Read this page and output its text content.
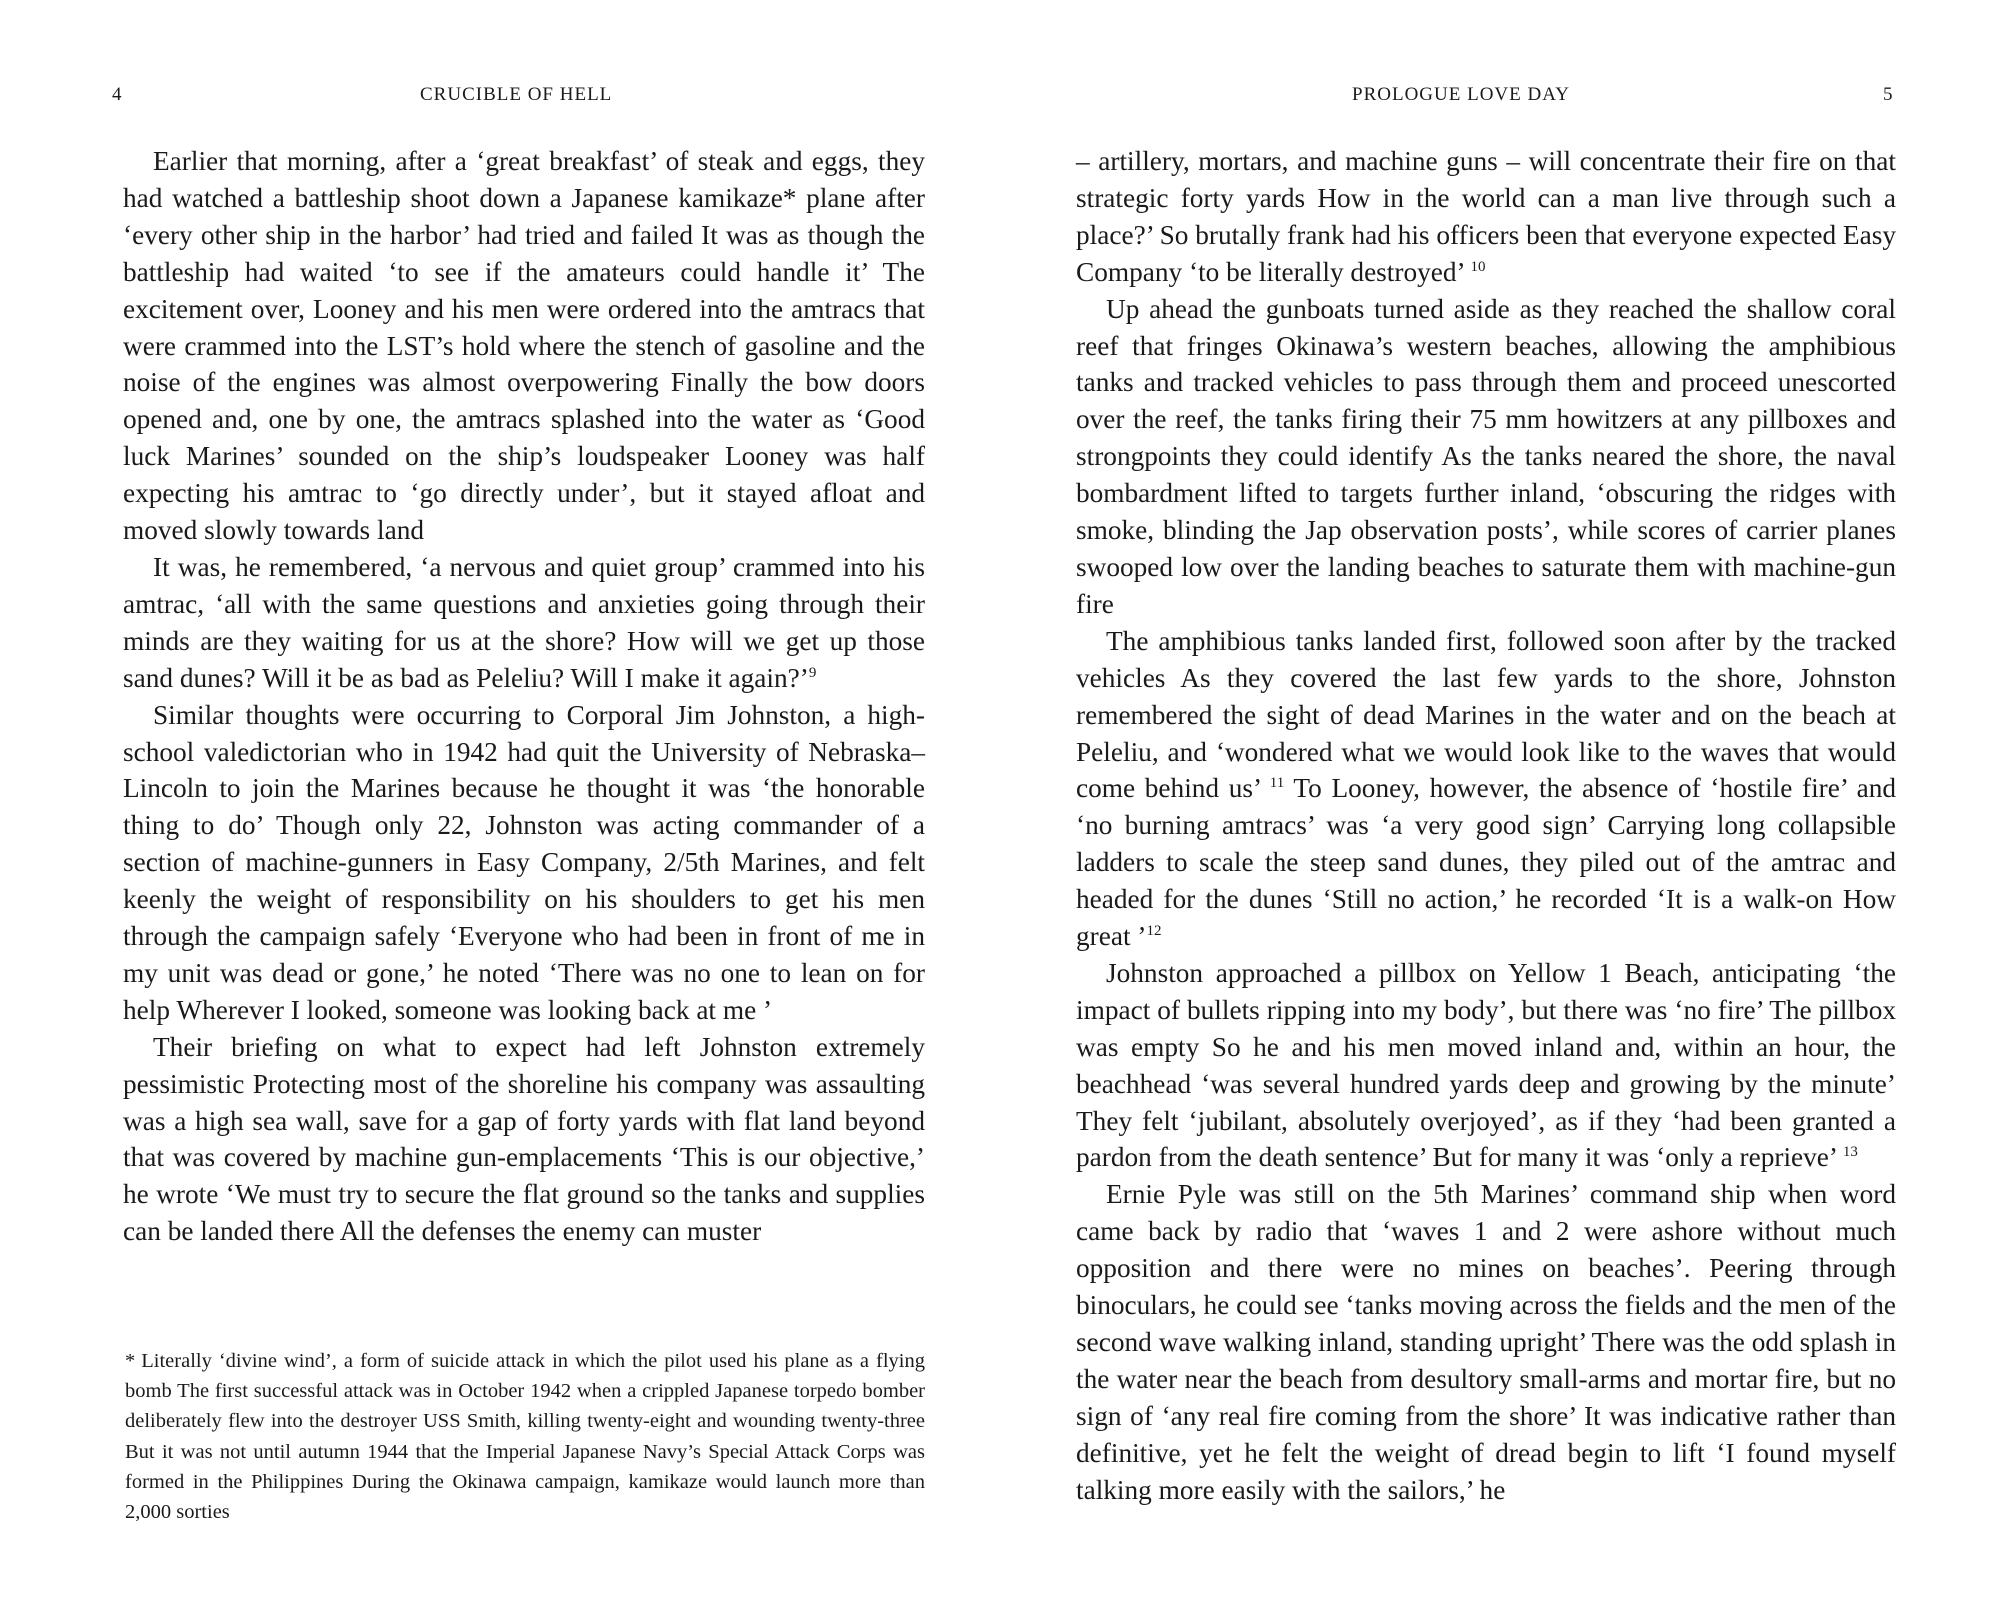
4	CRUCIBLE OF HELL

Earlier that morning, after a ‘great breakfast’ of steak and eggs, they had watched a battleship shoot down a Japanese kamikaze* plane after ‘every other ship in the harbor’ had tried and failed It was as though the battleship had waited ‘to see if the amateurs could handle it’ The excitement over, Looney and his men were ordered into the amtracs that were crammed into the LST’s hold where the stench of gasoline and the noise of the engines was almost overpowering Finally the bow doors opened and, one by one, the amtracs splashed into the water as ‘Good luck Marines’ sounded on the ship’s loudspeaker Looney was half expecting his amtrac to ‘go directly under’, but it stayed afloat and moved slowly towards land

It was, he remembered, ‘a nervous and quiet group’ crammed into his amtrac, ‘all with the same questions and anxieties going through their minds are they waiting for us at the shore? How will we get up those sand dunes? Will it be as bad as Peleliu? Will I make it again?’$^9$

Similar thoughts were occurring to Corporal Jim Johnston, a high-school valedictorian who in 1942 had quit the University of Nebraska–Lincoln to join the Marines because he thought it was ‘the honorable thing to do’ Though only 22, Johnston was acting commander of a section of machine-gunners in Easy Company, 2/5th Marines, and felt keenly the weight of responsibility on his shoulders to get his men through the campaign safely ‘Everyone who had been in front of me in my unit was dead or gone,’ he noted ‘There was no one to lean on for help Wherever I looked, someone was looking back at me ’

Their briefing on what to expect had left Johnston extremely pessimistic Protecting most of the shoreline his company was assaulting was a high sea wall, save for a gap of forty yards with flat land beyond that was covered by machine gun-emplacements ‘This is our objective,’ he wrote ‘We must try to secure the flat ground so the tanks and supplies can be landed there All the defenses the enemy can muster

* Literally ‘divine wind’, a form of suicide attack in which the pilot used his plane as a flying bomb The first successful attack was in October 1942 when a crippled Japanese torpedo bomber deliberately flew into the destroyer USS Smith, killing twenty-eight and wounding twenty-three But it was not until autumn 1944 that the Imperial Japanese Navy’s Special Attack Corps was formed in the Philippines During the Okinawa campaign, kamikaze would launch more than 2,000 sorties

PROLOGUE LOVE DAY	5

– artillery, mortars, and machine guns – will concentrate their fire on that strategic forty yards How in the world can a man live through such a place?’ So brutally frank had his officers been that everyone expected Easy Company ‘to be literally destroyed’ $^{10}$

Up ahead the gunboats turned aside as they reached the shallow coral reef that fringes Okinawa’s western beaches, allowing the amphibious tanks and tracked vehicles to pass through them and proceed unescorted over the reef, the tanks firing their 75 mm howitzers at any pillboxes and strongpoints they could identify As the tanks neared the shore, the naval bombardment lifted to targets further inland, ‘obscuring the ridges with smoke, blinding the Jap observation posts’, while scores of carrier planes swooped low over the landing beaches to saturate them with machine-gun fire

The amphibious tanks landed first, followed soon after by the tracked vehicles As they covered the last few yards to the shore, Johnston remembered the sight of dead Marines in the water and on the beach at Peleliu, and ‘wondered what we would look like to the waves that would come behind us’ $^{11}$ To Looney, however, the absence of ‘hostile fire’ and ‘no burning amtracs’ was ‘a very good sign’ Carrying long collapsible ladders to scale the steep sand dunes, they piled out of the amtrac and headed for the dunes ‘Still no action,’ he recorded ‘It is a walk-on How great ’$^{12}$

Johnston approached a pillbox on Yellow 1 Beach, anticipating ‘the impact of bullets ripping into my body’, but there was ‘no fire’ The pillbox was empty So he and his men moved inland and, within an hour, the beachhead ‘was several hundred yards deep and growing by the minute’ They felt ‘jubilant, absolutely overjoyed’, as if they ‘had been granted a pardon from the death sentence’ But for many it was ‘only a reprieve’ $^{13}$

Ernie Pyle was still on the 5th Marines’ command ship when word came back by radio that ‘waves 1 and 2 were ashore without much opposition and there were no mines on beaches’. Peering through binoculars, he could see ‘tanks moving across the fields and the men of the second wave walking inland, standing upright’ There was the odd splash in the water near the beach from desultory small-arms and mortar fire, but no sign of ‘any real fire coming from the shore’ It was indicative rather than definitive, yet he felt the weight of dread begin to lift ‘I found myself talking more easily with the sailors,’ he
